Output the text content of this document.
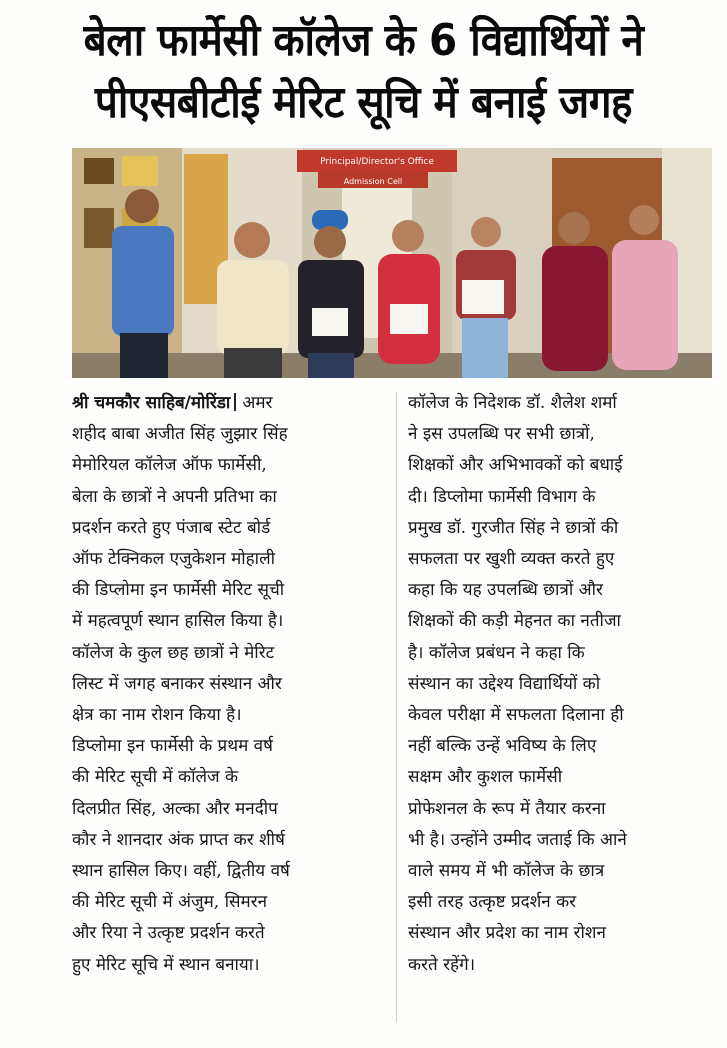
बेला फार्मेसी कॉलेज के 6 विद्यार्थियों ने
पीएसबीटीई मेरिट सूचि में बनाई जगह
Principal/Director's Office
Admission Cell
श्री चमकौर साहिब/मोरिंडा अमर
शहीद बाबा अजीत सिंह जुझार सिंह
मेमोरियल कॉलेज ऑफ फार्मेसी,
बेला के छात्रों ने अपनी प्रतिभा का
प्रदर्शन करते हुए पंजाब स्टेट बोर्ड
ऑफ टेक्निकल एजुकेशन मोहाली
की डिप्लोमा इन फार्मेसी मेरिट सूची
में महत्वपूर्ण स्थान हासिल किया है।
कॉलेज के कुल छह छात्रों ने मेरिट
लिस्ट में जगह बनाकर संस्थान और
क्षेत्र का नाम रोशन किया है।
डिप्लोमा इन फार्मेसी के प्रथम वर्ष
की मेरिट सूची में कॉलेज के
दिलप्रीत सिंह, अल्का और मनदीप
कौर ने शानदार अंक प्राप्त कर शीर्ष
स्थान हासिल किए। वहीं, द्वितीय वर्ष
की मेरिट सूची में अंजुम, सिमरन
और रिया ने उत्कृष्ट प्रदर्शन करते
हुए मेरिट सूचि में स्थान बनाया।
कॉलेज के निदेशक डॉ. शैलेश शर्मा
ने इस उपलब्धि पर सभी छात्रों,
शिक्षकों और अभिभावकों को बधाई
दी। डिप्लोमा फार्मेसी विभाग के
प्रमुख डॉ. गुरजीत सिंह ने छात्रों की
सफलता पर खुशी व्यक्त करते हुए
कहा कि यह उपलब्धि छात्रों और
शिक्षकों की कड़ी मेहनत का नतीजा
है। कॉलेज प्रबंधन ने कहा कि
संस्थान का उद्देश्य विद्यार्थियों को
केवल परीक्षा में सफलता दिलाना ही
नहीं बल्कि उन्हें भविष्य के लिए
सक्षम और कुशल फार्मेसी
प्रोफेशनल के रूप में तैयार करना
भी है। उन्होंने उम्मीद जताई कि आने
वाले समय में भी कॉलेज के छात्र
इसी तरह उत्कृष्ट प्रदर्शन कर
संस्थान और प्रदेश का नाम रोशन
करते रहेंगे।
